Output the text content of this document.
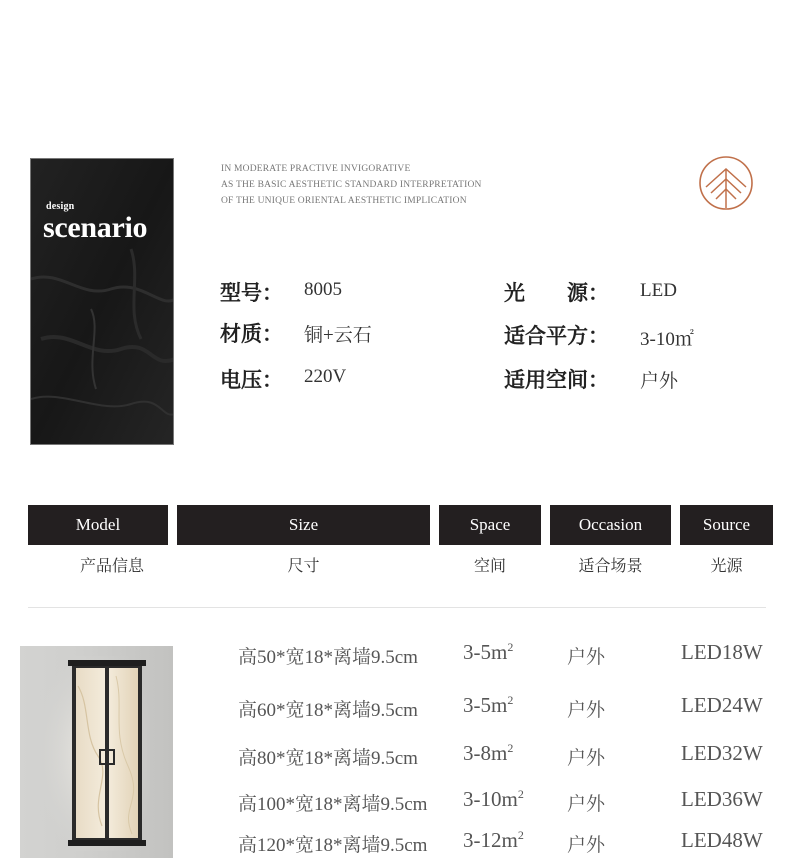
design
scenario
IN MODERATE PRACTIVE INVIGORATIVE
AS THE BASIC AESTHETIC STANDARD INTERPRETATION
OF THE UNIQUE ORIENTAL AESTHETIC IMPLICATION
型号： 8005
材质： 铜+云石
电压： 220V
光　　源： LED
适合平方： 3-10㎡
适用空间： 户外
Model	Size	Space	Occasion	Source
产品信息	尺寸	空间	适合场景	光源
高50*宽18*离墙9.5cm $3-5m^2$	户外	LED18W
高60*宽18*离墙9.5cm $3-5m^2$	户外	LED24W
高80*宽18*离墙9.5cm $3-8m^2$	户外	LED32W
高100*宽18*离墙9.5cm $3-10m^2$ 户外	LED36W
高120*宽18*离墙9.5cm $3-12m^2$ 户外	LED48W
